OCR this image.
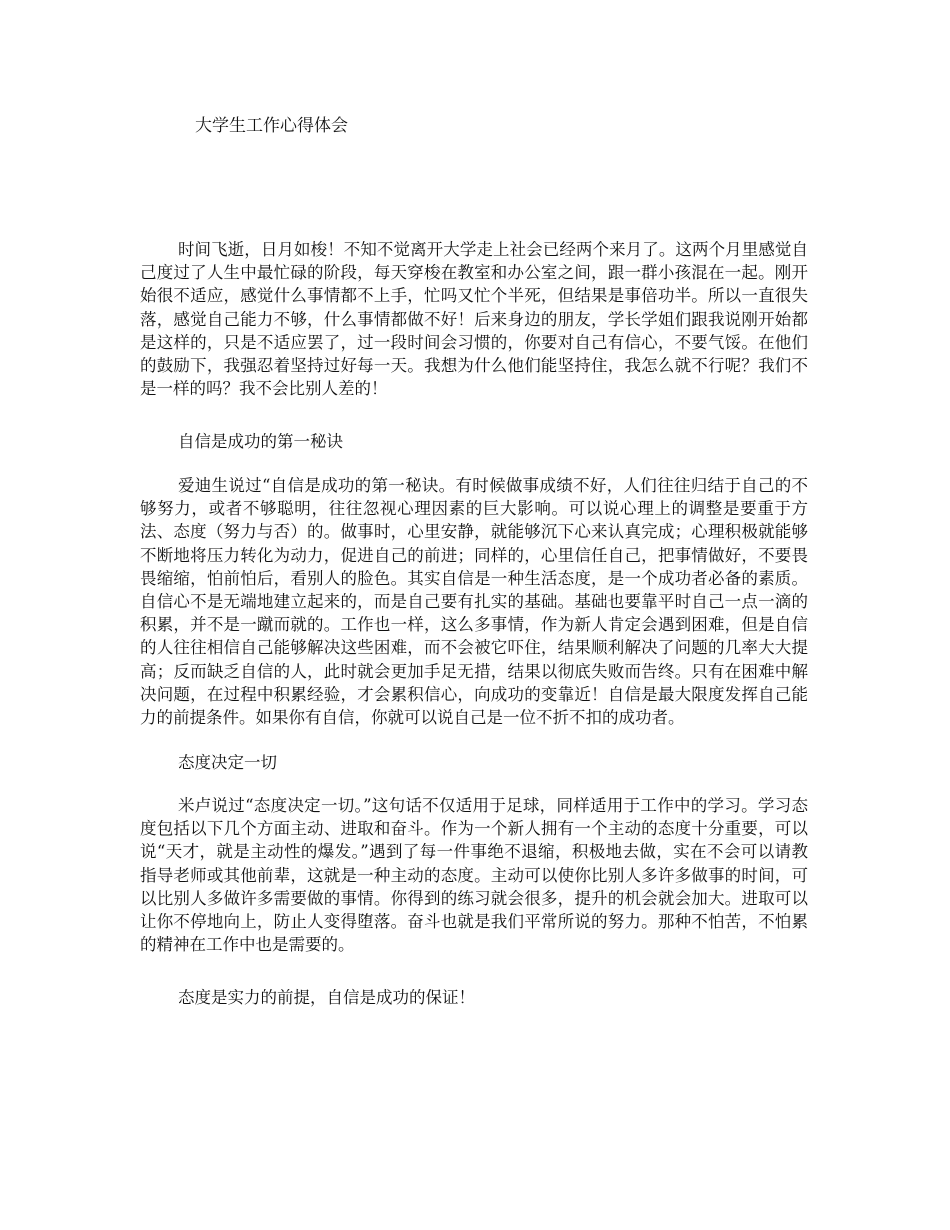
大学生工作心得体会

时间飞逝，日月如梭！不知不觉离开大学走上社会已经两个来月了。这两个月里感觉自己度过了人生中最忙碌的阶段，每天穿梭在教室和办公室之间，跟一群小孩混在一起。刚开始很不适应，感觉什么事情都不上手，忙吗又忙个半死，但结果是事倍功半。所以一直很失落，感觉自己能力不够，什么事情都做不好！后来身边的朋友，学长学姐们跟我说刚开始都是这样的，只是不适应罢了，过一段时间会习惯的，你要对自己有信心，不要气馁。在他们的鼓励下，我强忍着坚持过好每一天。我想为什么他们能坚持住，我怎么就不行呢？我们不是一样的吗？我不会比别人差的！

自信是成功的第一秘诀

爱迪生说过“自信是成功的第一秘诀。有时候做事成绩不好，人们往往归结于自己的不够努力，或者不够聪明，往往忽视心理因素的巨大影响。可以说心理上的调整是要重于方法、态度（努力与否）的。做事时，心里安静，就能够沉下心来认真完成；心理积极就能够不断地将压力转化为动力，促进自己的前进；同样的，心里信任自己，把事情做好，不要畏畏缩缩，怕前怕后，看别人的脸色。其实自信是一种生活态度，是一个成功者必备的素质。自信心不是无端地建立起来的，而是自己要有扎实的基础。基础也要靠平时自己一点一滴的积累，并不是一蹴而就的。工作也一样，这么多事情，作为新人肯定会遇到困难，但是自信的人往往相信自己能够解决这些困难，而不会被它吓住，结果顺利解决了问题的几率大大提高；反而缺乏自信的人，此时就会更加手足无措，结果以彻底失败而告终。只有在困难中解决问题，在过程中积累经验，才会累积信心，向成功的变靠近！自信是最大限度发挥自己能力的前提条件。如果你有自信，你就可以说自己是一位不折不扣的成功者。

态度决定一切

米卢说过“态度决定一切。”这句话不仅适用于足球，同样适用于工作中的学习。学习态度包括以下几个方面主动、进取和奋斗。作为一个新人拥有一个主动的态度十分重要，可以说“天才，就是主动性的爆发。”遇到了每一件事绝不退缩，积极地去做，实在不会可以请教指导老师或其他前辈，这就是一种主动的态度。主动可以使你比别人多许多做事的时间，可以比别人多做许多需要做的事情。你得到的练习就会很多，提升的机会就会加大。进取可以让你不停地向上，防止人变得堕落。奋斗也就是我们平常所说的努力。那种不怕苦，不怕累的精神在工作中也是需要的。

态度是实力的前提，自信是成功的保证！
